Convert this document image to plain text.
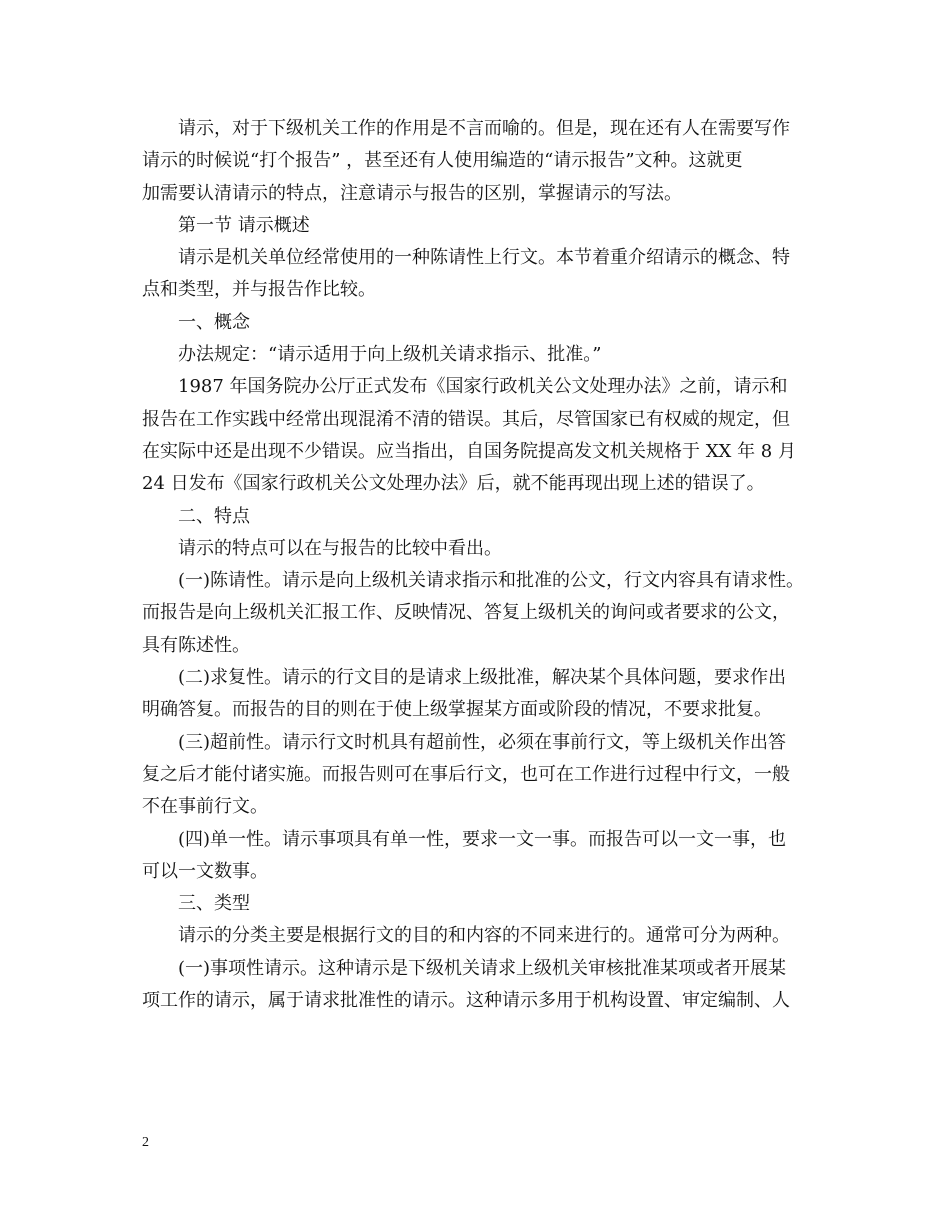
请示，对于下级机关工作的作用是不言而喻的。但是，现在还有人在需要写作
请示的时候说“打个报告” ，甚至还有人使用编造的“请示报告”文种。这就更
加需要认清请示的特点，注意请示与报告的区别，掌握请示的写法。

第一节 请示概述

请示是机关单位经常使用的一种陈请性上行文。本节着重介绍请示的概念、特
点和类型，并与报告作比较。

一、概念

办法规定：“请示适用于向上级机关请求指示、批准。”

1987 年国务院办公厅正式发布《国家行政机关公文处理办法》之前，请示和
报告在工作实践中经常出现混淆不清的错误。其后，尽管国家已有权威的规定，但
在实际中还是出现不少错误。应当指出，自国务院提高发文机关规格于 XX 年 8 月
24 日发布《国家行政机关公文处理办法》后，就不能再现出现上述的错误了。

二、特点

请示的特点可以在与报告的比较中看出。

(一)陈请性。请示是向上级机关请求指示和批准的公文，行文内容具有请求性。
而报告是向上级机关汇报工作、反映情况、答复上级机关的询问或者要求的公文，
具有陈述性。

(二)求复性。请示的行文目的是请求上级批准，解决某个具体问题，要求作出
明确答复。而报告的目的则在于使上级掌握某方面或阶段的情况，不要求批复。

(三)超前性。请示行文时机具有超前性，必须在事前行文，等上级机关作出答
复之后才能付诸实施。而报告则可在事后行文，也可在工作进行过程中行文，一般
不在事前行文。

(四)单一性。请示事项具有单一性，要求一文一事。而报告可以一文一事，也
可以一文数事。

三、类型

请示的分类主要是根据行文的目的和内容的不同来进行的。通常可分为两种。

(一)事项性请示。这种请示是下级机关请求上级机关审核批准某项或者开展某
项工作的请示，属于请求批准性的请示。这种请示多用于机构设置、审定编制、人

2
